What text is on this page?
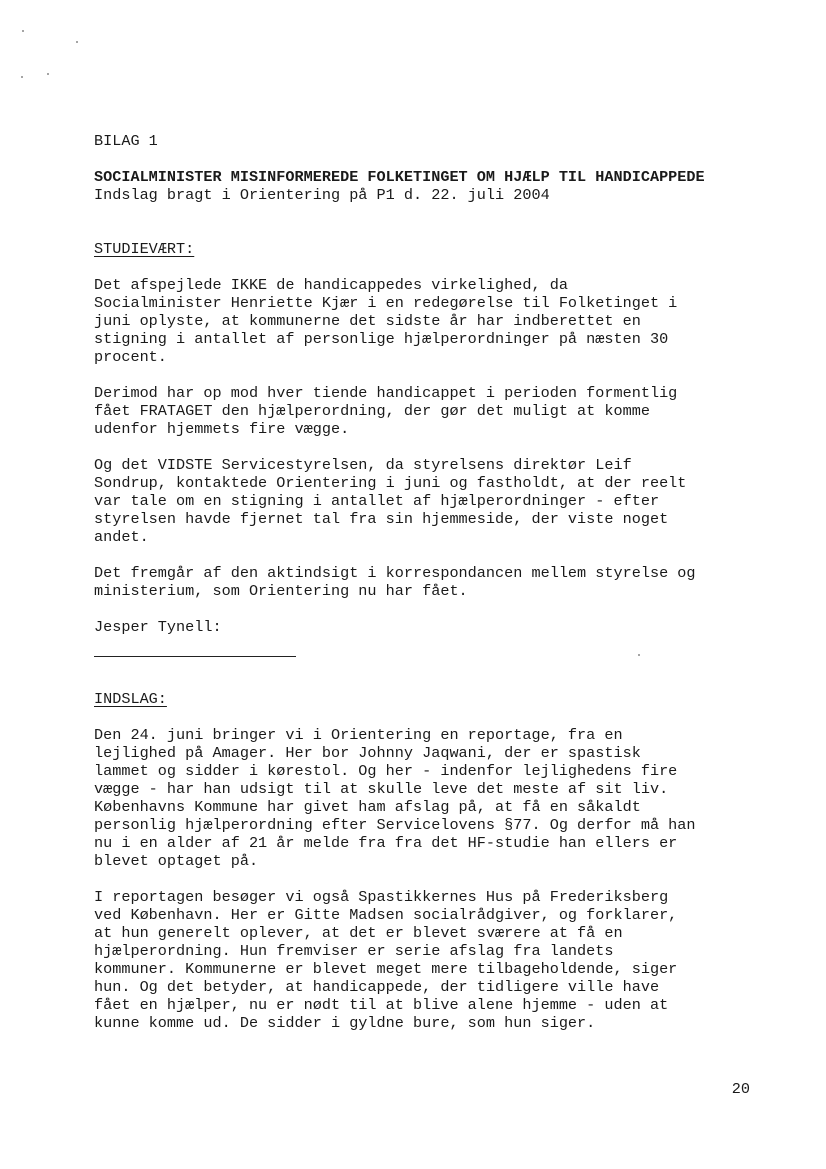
BILAG 1

SOCIALMINISTER MISINFORMEREDE FOLKETINGET OM HJÆLP TIL HANDICAPPEDE

Indslag bragt i Orientering på P1 d. 22. juli 2004

STUDIEVÆRT:

Det afspejlede IKKE de handicappedes virkelighed, da

Socialminister Henriette Kjær i en redegørelse til Folketinget i

juni oplyste, at kommunerne det sidste år har indberettet en

stigning i antallet af personlige hjælperordninger på næsten 30

procent.

Derimod har op mod hver tiende handicappet i perioden formentlig

fået FRATAGET den hjælperordning, der gør det muligt at komme

udenfor hjemmets fire vægge.

Og det VIDSTE Servicestyrelsen, da styrelsens direktør Leif

Sondrup, kontaktede Orientering i juni og fastholdt, at der reelt

var tale om en stigning i antallet af hjælperordninger - efter

styrelsen havde fjernet tal fra sin hjemmeside, der viste noget

andet.

Det fremgår af den aktindsigt i korrespondancen mellem styrelse og

ministerium, som Orientering nu har fået.

Jesper Tynell:

INDSLAG:

Den 24. juni bringer vi i Orientering en reportage, fra en

lejlighed på Amager. Her bor Johnny Jaqwani, der er spastisk

lammet og sidder i kørestol. Og her - indenfor lejlighedens fire

vægge - har han udsigt til at skulle leve det meste af sit liv.

Københavns Kommune har givet ham afslag på, at få en såkaldt

personlig hjælperordning efter Servicelovens §77. Og derfor må han

nu i en alder af 21 år melde fra fra det HF-studie han ellers er

blevet optaget på.

I reportagen besøger vi også Spastikkernes Hus på Frederiksberg

ved København. Her er Gitte Madsen socialrådgiver, og forklarer,

at hun generelt oplever, at det er blevet sværere at få en

hjælperordning. Hun fremviser er serie afslag fra landets

kommuner. Kommunerne er blevet meget mere tilbageholdende, siger

hun. Og det betyder, at handicappede, der tidligere ville have

fået en hjælper, nu er nødt til at blive alene hjemme - uden at

kunne komme ud. De sidder i gyldne bure, som hun siger.

20
